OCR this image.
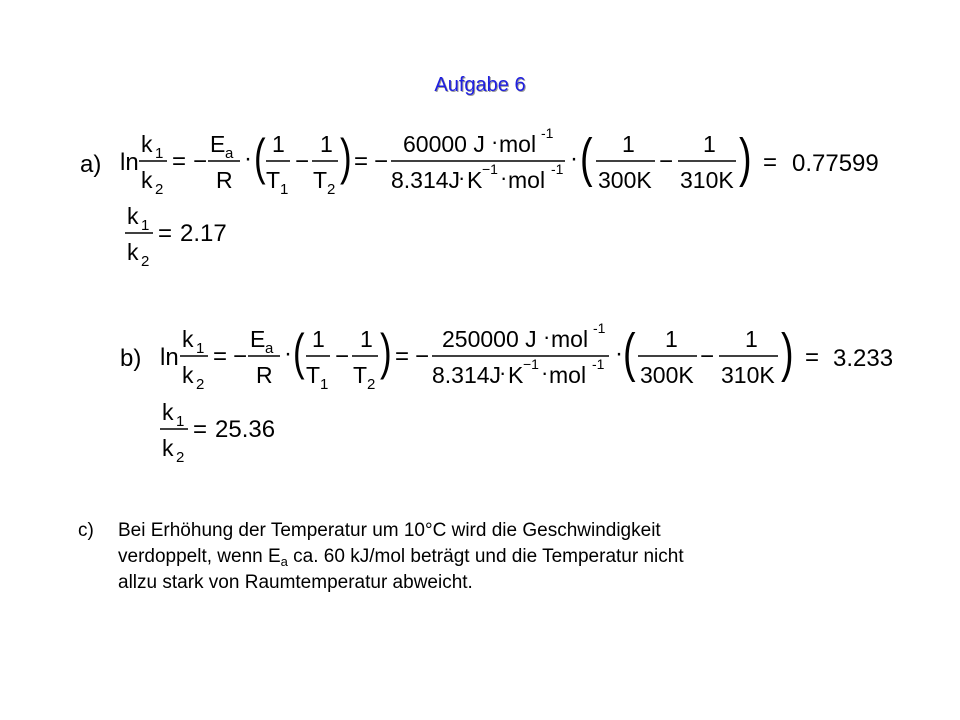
Aufgabe 6
a) ln
k 1
k 2
= −
E a
R
· ( 1
T 1
−
1
T 2
) = −
60000 J · mol -1
8.314J
· K −1 · mol -1 · ( 1
300K
−
1
310K ) = 0.77599
k 1
k 2
= 2.17
b) ln
k 1
k 2
= −
E a
R
· ( 1
T 1
−
1
T 2
) = −
250000 J · mol -1
8.314J
· K −1 · mol -1 · ( 1
300K
−
1
310K ) = 3.233
k 1
k 2
= 25.36
c) Bei Erhöhung der Temperatur um 10°C wird die Geschwindigkeit
verdoppelt, wenn $E_a$ ca. 60 kJ/mol beträgt und die Temperatur nicht
allzu stark von Raumtemperatur abweicht.
